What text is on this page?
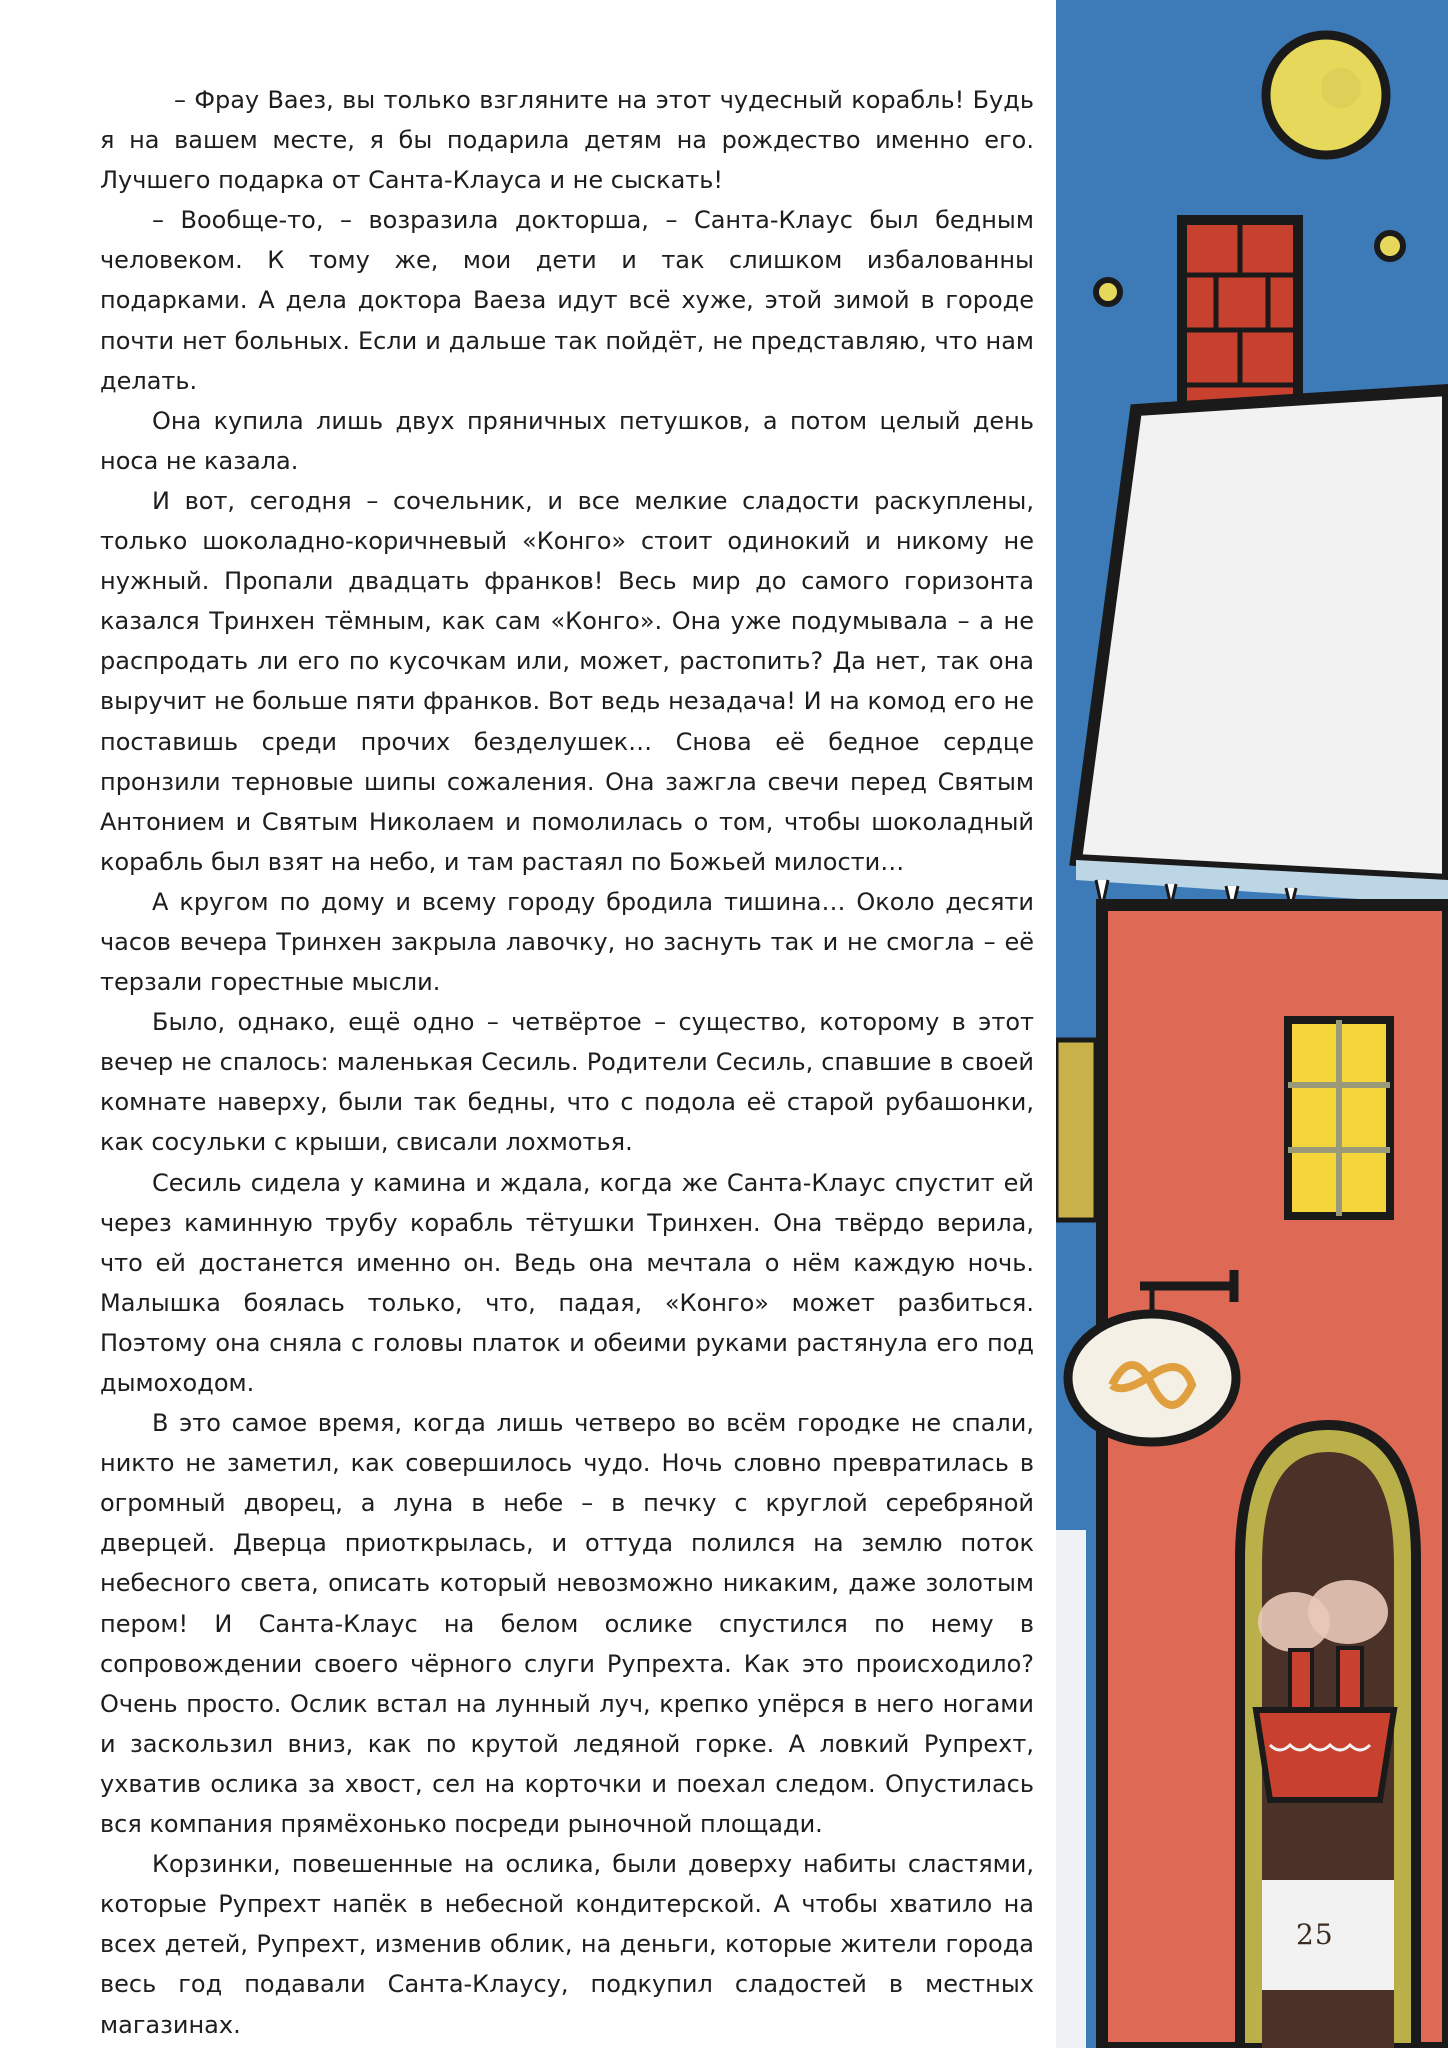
– Фрау Ваез, вы только взгляните на этот чудесный корабль! Будь я на вашем месте, я бы подарила детям на рождество именно его. Лучшего подарка от Санта-Клауса и не сыскать!

– Вообще-то, – возразила докторша, – Санта-Клаус был бедным человеком. К тому же, мои дети и так слишком избалованны подарками. А дела доктора Ваеза идут всё хуже, этой зимой в городе почти нет больных. Если и дальше так пойдёт, не представляю, что нам делать.

Она купила лишь двух пряничных петушков, а потом целый день носа не казала.

И вот, сегодня – сочельник, и все мелкие сладости раскуплены, только шоколадно-коричневый «Конго» стоит одинокий и никому не нужный. Пропали двадцать франков! Весь мир до самого горизонта казался Тринхен тёмным, как сам «Конго». Она уже подумывала – а не распродать ли его по кусочкам или, может, растопить? Да нет, так она выручит не больше пяти франков. Вот ведь незадача! И на комод его не поставишь среди прочих безделушек… Снова её бедное сердце пронзили терновые шипы сожаления. Она зажгла свечи перед Святым Антонием и Святым Николаем и помолилась о том, чтобы шоколадный корабль был взят на небо, и там растаял по Божьей милости…

А кругом по дому и всему городу бродила тишина… Около десяти часов вечера Тринхен закрыла лавочку, но заснуть так и не смогла – её терзали горестные мысли.

Было, однако, ещё одно – четвёртое – существо, которому в этот вечер не спалось: маленькая Сесиль. Родители Сесиль, спавшие в своей комнате наверху, были так бедны, что с подола её старой рубашонки, как сосульки с крыши, свисали лохмотья.

Сесиль сидела у камина и ждала, когда же Санта-Клаус спустит ей через каминную трубу корабль тётушки Тринхен. Она твёрдо верила, что ей достанется именно он. Ведь она мечтала о нём каждую ночь. Малышка боялась только, что, падая, «Конго» может разбиться. Поэтому она сняла с головы платок и обеими руками растянула его под дымоходом.

В это самое время, когда лишь четверо во всём городке не спали, никто не заметил, как совершилось чудо. Ночь словно превратилась в огромный дворец, а луна в небе – в печку с круглой серебряной дверцей. Дверца приоткрылась, и оттуда полился на землю поток небесного света, описать который невозможно никаким, даже золотым пером! И Санта-Клаус на белом ослике спустился по нему в сопровождении своего чёрного слуги Рупрехта. Как это происходило? Очень просто. Ослик встал на лунный луч, крепко упёрся в него ногами и заскользил вниз, как по крутой ледяной горке. А ловкий Рупрехт, ухватив ослика за хвост, сел на корточки и поехал следом. Опустилась вся компания прямёхонько посреди рыночной площади.

Корзинки, повешенные на ослика, были доверху набиты сластями, которые Рупрехт напёк в небесной кондитерской. А чтобы хватило на всех детей, Рупрехт, изменив облик, на деньги, которые жители города весь год подавали Санта-Клаусу, подкупил сладостей в местных магазинах.

25
